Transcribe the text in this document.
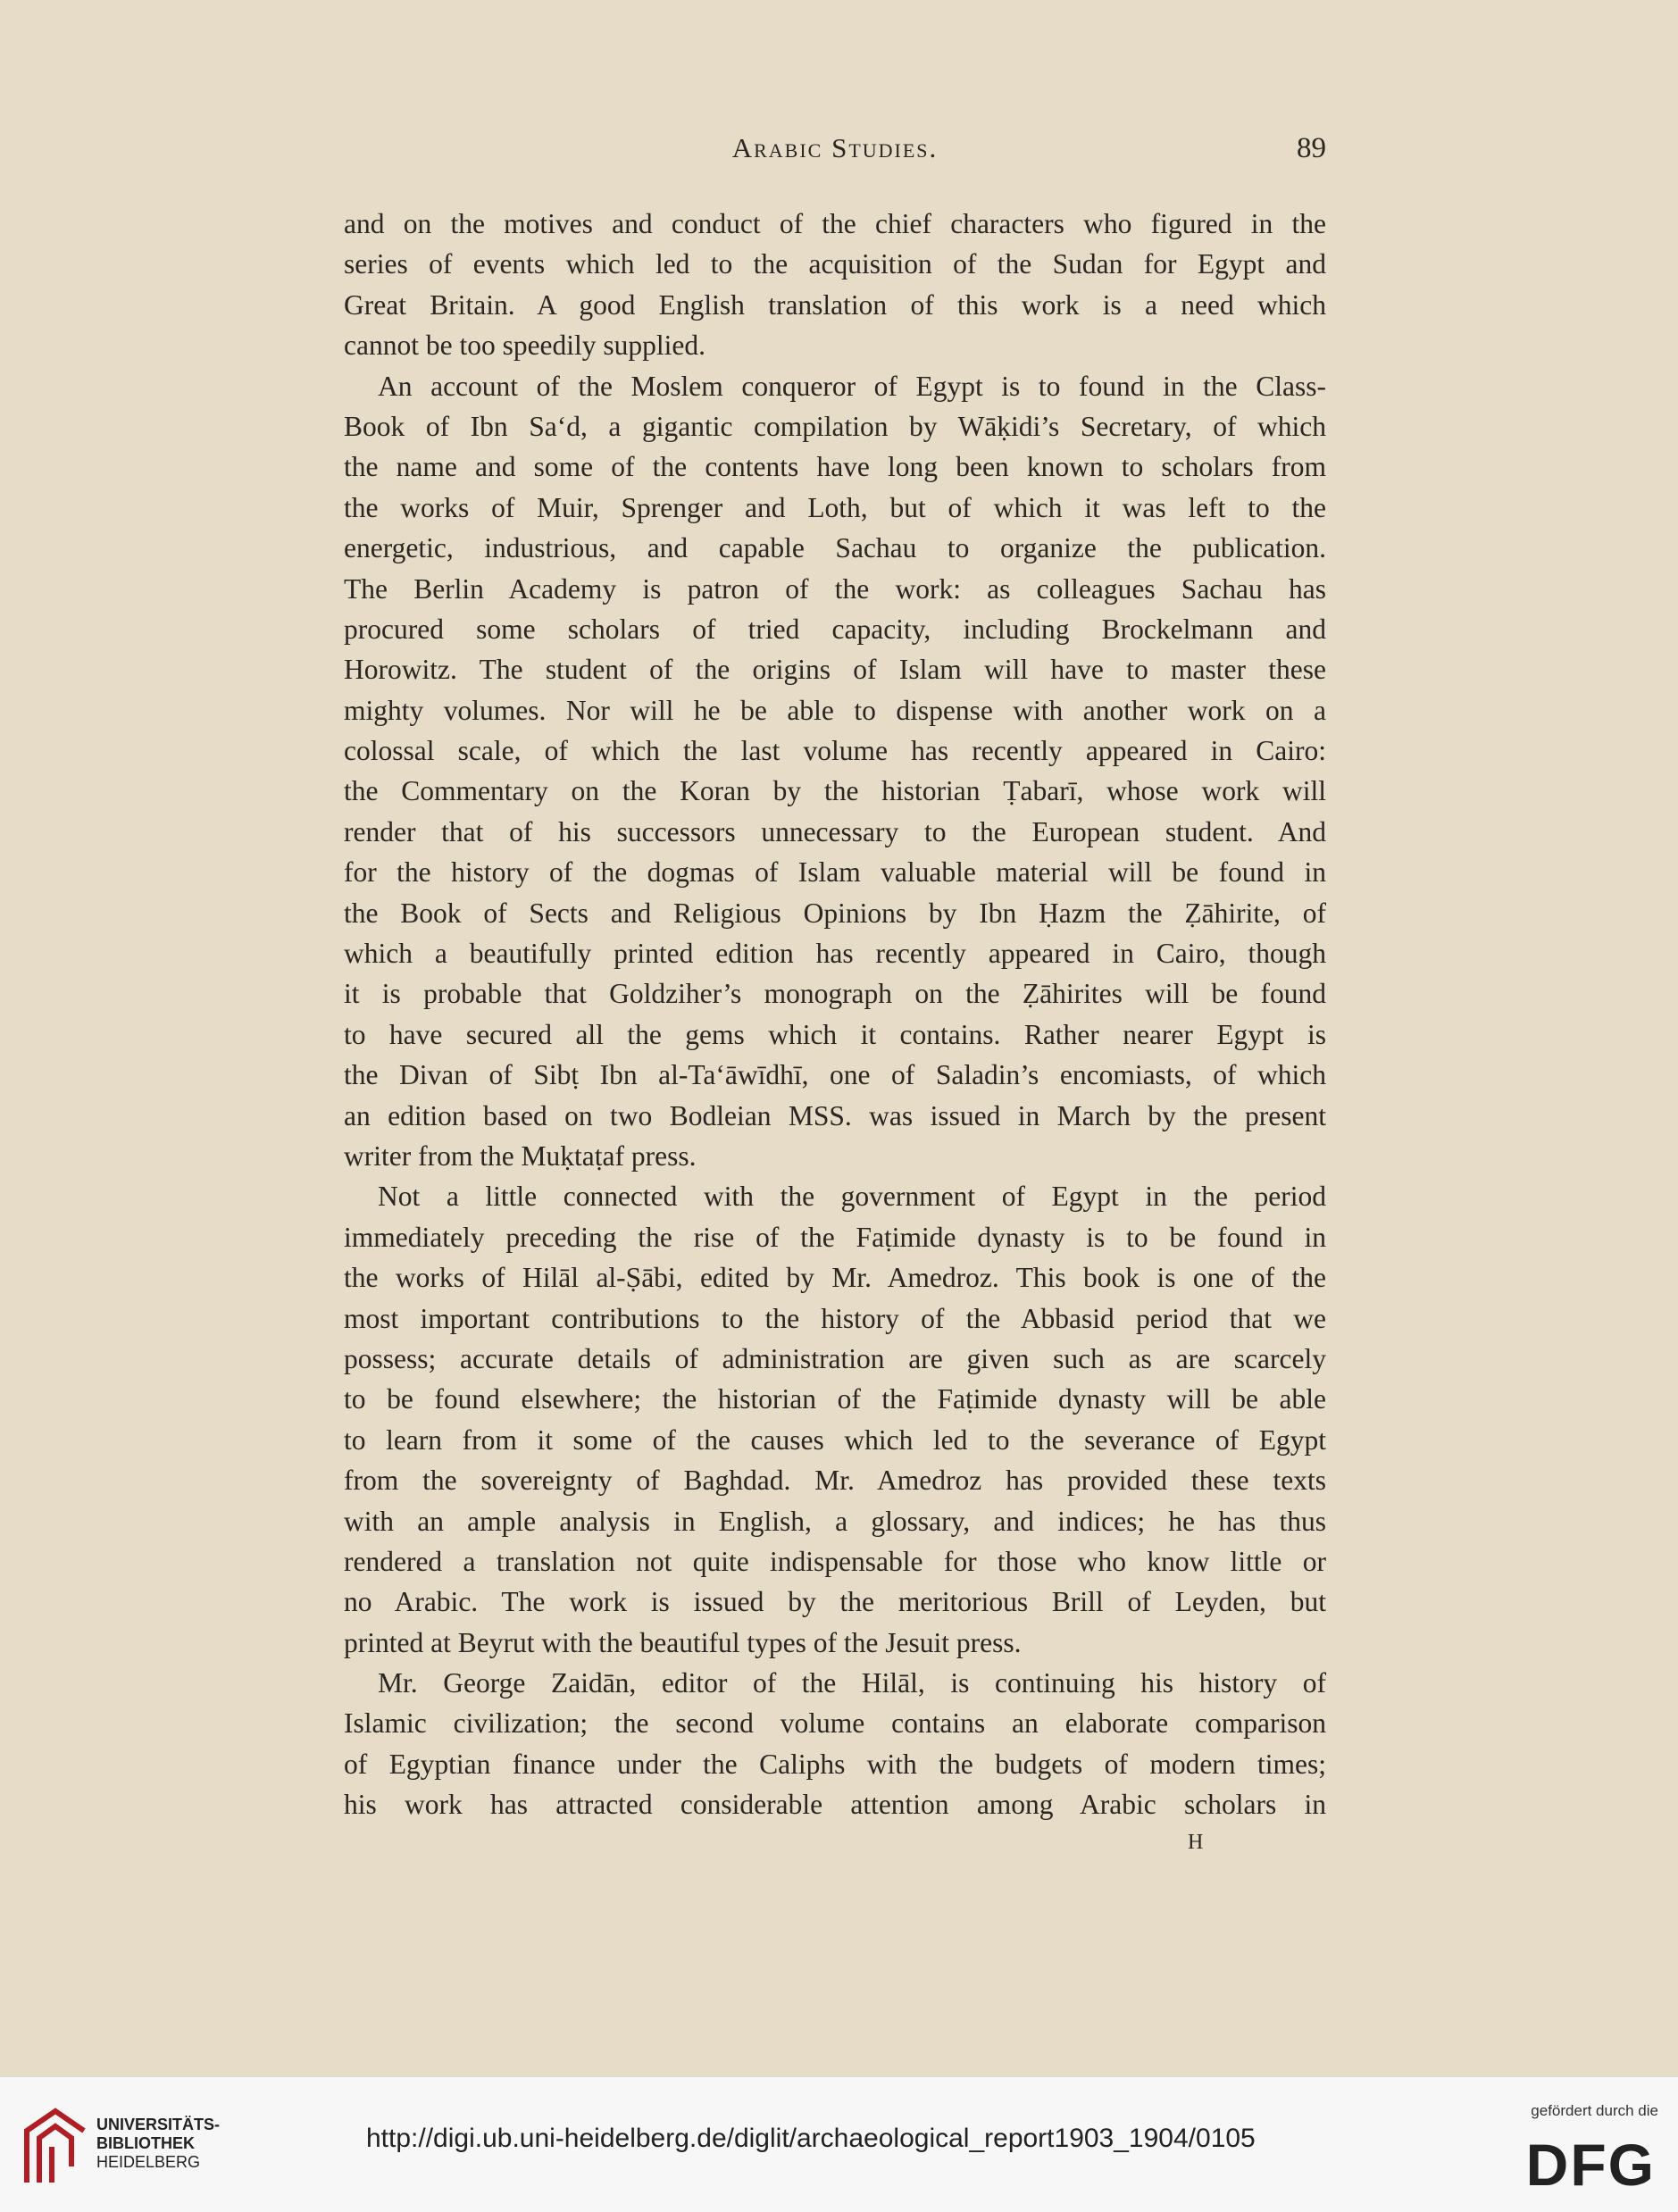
Arabic Studies.	89
and on the motives and conduct of the chief characters who figured in the
series of events which led to the acquisition of the Sudan for Egypt and
Great Britain. A good English translation of this work is a need which
cannot be too speedily supplied.
An account of the Moslem conqueror of Egypt is to found in the Class-
Book of Ibn Sa‘d, a gigantic compilation by Wāḳidi’s Secretary, of which
the name and some of the contents have long been known to scholars from
the works of Muir, Sprenger and Loth, but of which it was left to the
energetic, industrious, and capable Sachau to organize the publication.
The Berlin Academy is patron of the work: as colleagues Sachau has
procured some scholars of tried capacity, including Brockelmann and
Horowitz. The student of the origins of Islam will have to master these
mighty volumes. Nor will he be able to dispense with another work on a
colossal scale, of which the last volume has recently appeared in Cairo:
the Commentary on the Koran by the historian Ṭabarī, whose work will
render that of his successors unnecessary to the European student. And
for the history of the dogmas of Islam valuable material will be found in
the Book of Sects and Religious Opinions by Ibn Ḥazm the Ẓāhirite, of
which a beautifully printed edition has recently appeared in Cairo, though
it is probable that Goldziher’s monograph on the Ẓāhirites will be found
to have secured all the gems which it contains. Rather nearer Egypt is
the Divan of Sibṭ Ibn al-Ta‘āwīdhī, one of Saladin’s encomiasts, of which
an edition based on two Bodleian MSS. was issued in March by the present
writer from the Muḳtaṭaf press.
Not a little connected with the government of Egypt in the period
immediately preceding the rise of the Faṭimide dynasty is to be found in
the works of Hilāl al-Ṣābi, edited by Mr. Amedroz. This book is one of the
most important contributions to the history of the Abbasid period that we
possess; accurate details of administration are given such as are scarcely
to be found elsewhere; the historian of the Faṭimide dynasty will be able
to learn from it some of the causes which led to the severance of Egypt
from the sovereignty of Baghdad. Mr. Amedroz has provided these texts
with an ample analysis in English, a glossary, and indices; he has thus
rendered a translation not quite indispensable for those who know little or
no Arabic. The work is issued by the meritorious Brill of Leyden, but
printed at Beyrut with the beautiful types of the Jesuit press.
Mr. George Zaidān, editor of the Hilāl, is continuing his history of
Islamic civilization; the second volume contains an elaborate comparison
of Egyptian finance under the Caliphs with the budgets of modern times;
his work has attracted considerable attention among Arabic scholars in
H
UNIVERSITÄTS-
BIBLIOTHEK
HEIDELBERG
http://digi.ub.uni-heidelberg.de/diglit/archaeological_report1903_1904/0105
gefördert durch die
DFG
